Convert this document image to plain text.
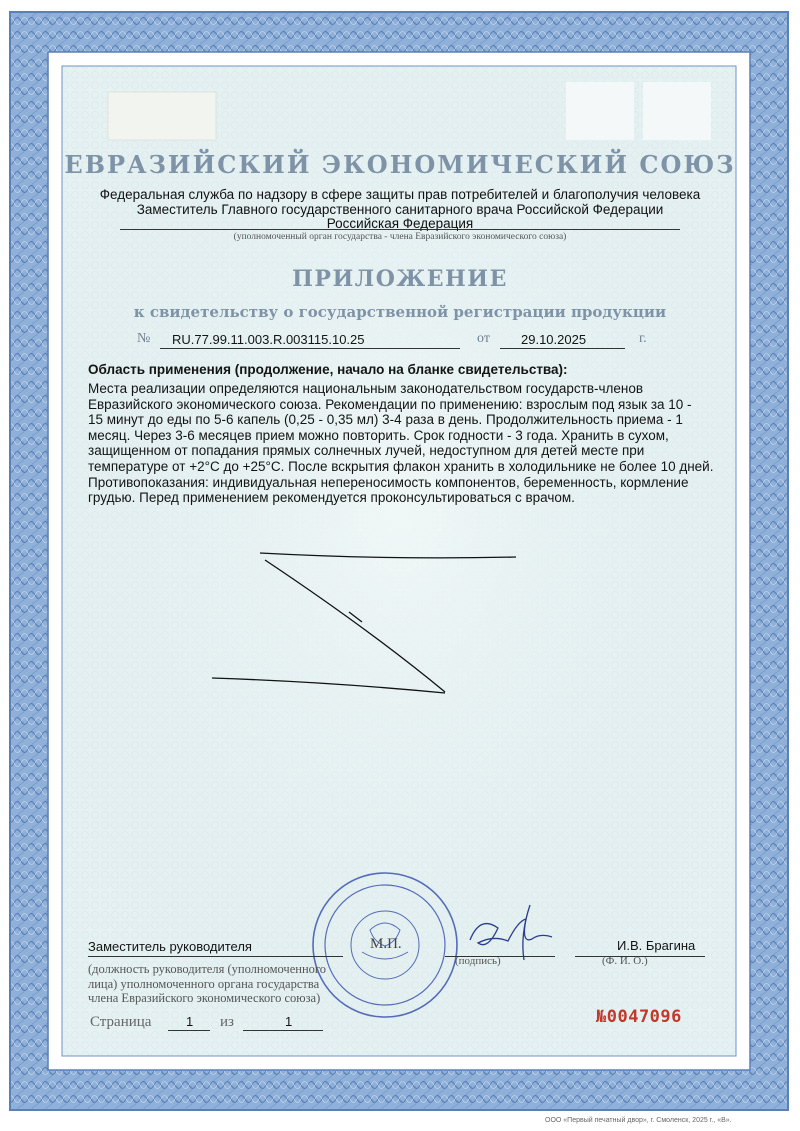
ЕВРАЗИЙСКИЙ ЭКОНОМИЧЕСКИЙ СОЮЗ
Федеральная служба по надзору в сфере защиты прав потребителей и благополучия человека
Заместитель Главного государственного санитарного врача Российской Федерации
Российская Федерация
(уполномоченный орган государства - члена Евразийского экономического союза)
ПРИЛОЖЕНИЕ
к свидетельству о государственной регистрации продукции
№ RU.77.99.11.003.R.003115.10.25	от 29.10.2025	г.
Область применения (продолжение, начало на бланке свидетельства):
Места реализации определяются национальным законодательством государств-членов
Евразийского экономического союза. Рекомендации по применению: взрослым под язык за 10 -
15 минут до еды по 5-6 капель (0,25 - 0,35 мл) 3-4 раза в день. Продолжительность приема - 1
месяц. Через 3-6 месяцев прием можно повторить. Срок годности - 3 года. Хранить в сухом,
защищенном от попадания прямых солнечных лучей, недоступном для детей месте при
температуре от +2°С до +25°С. После вскрытия флакон хранить в холодильнике не более 10 дней.
Противопоказания: индивидуальная непереносимость компонентов, беременность, кормление
грудью. Перед применением рекомендуется проконсультироваться с врачом.
Заместитель руководителя
(должность руководителя (уполномоченного
лица) уполномоченного органа государства
члена Евразийского экономического союза)
М.П.
(подпись)
И.В. Брагина
(Ф. И. О.)
Страница	1 из	1	№0047096
ООО «Первый печатный двор», г. Смоленск, 2025 г., «В».
